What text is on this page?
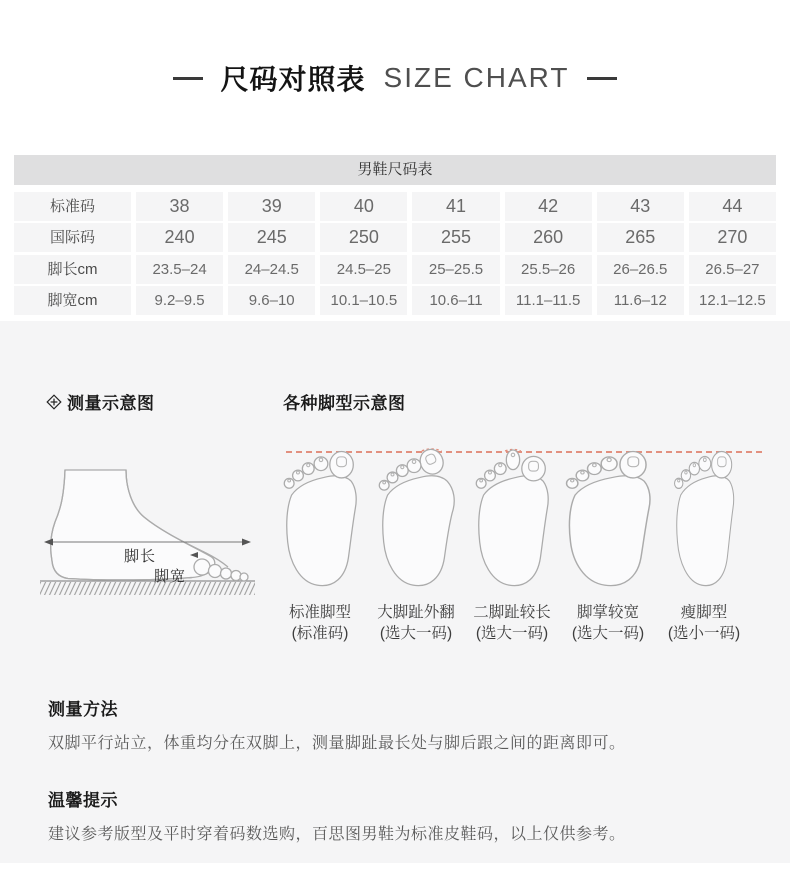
尺码对照表 SIZE CHART
男鞋尺码表
标准码	38	39	40	41	42	43	44
国际码	240	245	250	255	260	265	270
脚长cm	23.5–24	24–24.5	24.5–25	25–25.5	25.5–26	26–26.5	26.5–27
脚宽cm	9.2–9.5	9.6–10	10.1–10.5	10.6–11	11.1–11.5	11.6–12	12.1–12.5
测量示意图	各种脚型示意图
脚长
脚宽
标准脚型
(标准码)
大脚趾外翻
(选大一码)
二脚趾较长
(选大一码)
脚掌较宽
(选大一码)
瘦脚型
(选小一码)
测量方法
双脚平行站立，体重均分在双脚上，测量脚趾最长处与脚后跟之间的距离即可。
温馨提示
建议参考版型及平时穿着码数选购，百思图男鞋为标准皮鞋码，以上仅供参考。
